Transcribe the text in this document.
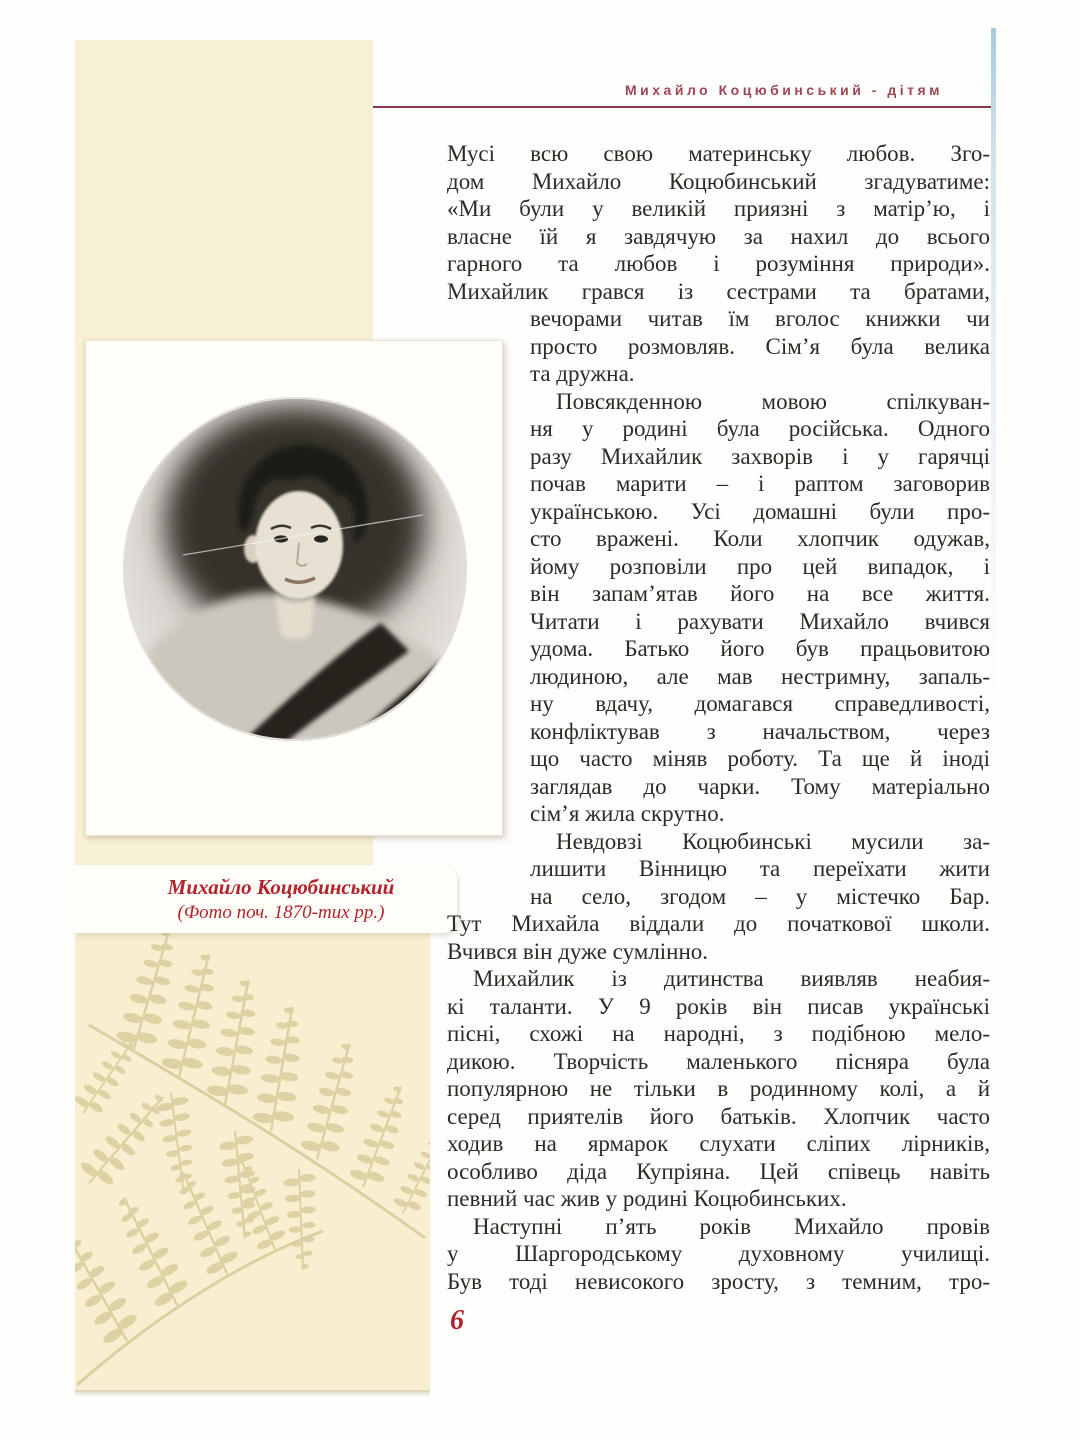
Михайло Коцюбинський - дітям
Михайло Коцюбинський
(Фото поч. 1870-тих рр.)
Мусі всю свою материнську любов. Зго-
дом Михайло Коцюбинський згадуватиме:
«Ми були у великій приязні з матір’ю, і
власне їй я завдячую за нахил до всього
гарного та любов і розуміння природи».
Михайлик грався із сестрами та братами,
вечорами читав їм вголос книжки чи
просто розмовляв. Сім’я була велика
та дружна.
Повсякденною мовою спілкуван-
ня у родині була російська. Одного
разу Михайлик захворів і у гарячці
почав марити – і раптом заговорив
українською. Усі домашні були про-
сто вражені. Коли хлопчик одужав,
йому розповіли про цей випадок, і
він запам’ятав його на все життя.
Читати і рахувати Михайло вчився
удома. Батько його був працьовитою
людиною, але мав нестримну, запаль-
ну вдачу, домагався справедливості,
конфліктував з начальством, через
що часто міняв роботу. Та ще й іноді
заглядав до чарки. Тому матеріально
сім’я жила скрутно.
Невдовзі Коцюбинські мусили за-
лишити Вінницю та переїхати жити
на село, згодом – у містечко Бар.
Тут Михайла віддали до початкової школи.
Вчився він дуже сумлінно.
Михайлик із дитинства виявляв неабия-
кі таланти. У 9 років він писав українські
пісні, схожі на народні, з подібною мело-
дикою. Творчість маленького пісняра була
популярною не тільки в родинному колі, а й
серед приятелів його батьків. Хлопчик часто
ходив на ярмарок слухати сліпих лірників,
особливо діда Купріяна. Цей співець навіть
певний час жив у родині Коцюбинських.
Наступні п’ять років Михайло провів
у Шаргородському духовному училищі.
Був тоді невисокого зросту, з темним, тро-
6
